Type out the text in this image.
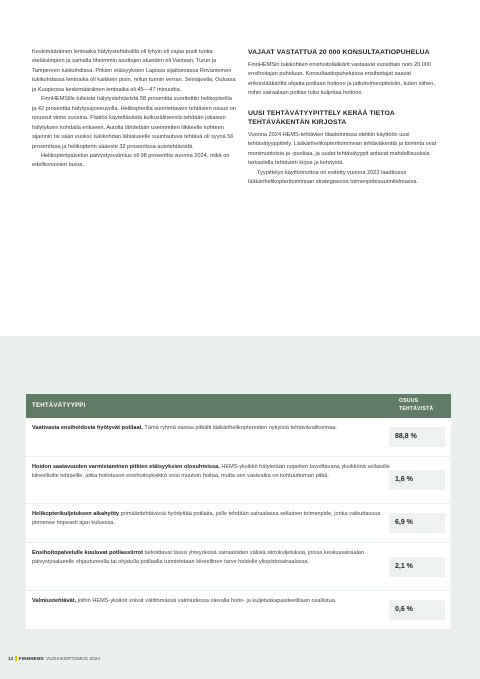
Keskimääräinen lentoaika hälytystehtävällä oli lyhyin eli vajaa puoli tuntia eteläisimpien ja samalla tiheimmin asuttujen alueiden eli Vantaan, Turun ja Tampereen tukikohdissa. Pitkien etäisyyksien Lapissa sijaitsevassa Rovaniemen tukikohdassa lentoaika oli kaikkein pisin, reilun tunnin verran. Seinäjoella, Oulussa ja Kuopiossa keskimääräinen lentoaika oli 45—47 minuuttia.

FinnHEMSille tulleista hälytystehtävistä 58 prosenttia suoritettiin helikopterilla ja 42 prosenttia hälytysajoneuvolla. Helikopterilla suoritettavien tehtävien osuus on noussut viime vuosina. Päätös käytettävästä kulkuvälineestä tehdään jokaisen hälytyksen kohdalla erikseen. Autolla lähdetään useimmiten liikkeelle kohteen sijainnin tai sään vuoksi: tukikohdan lähialueelle suuntautuva tehtävä oli syynä 56 prosentissa ja helikopterin sääeste 32 prosentissa autotehtävistä.

Helikopteripalvelun päivystysvalmius oli 98 prosenttia vuonna 2024, mikä on edellisvuosien tasoa.

VAJAAT VASTATTUA 20 000 KONSULTAATIOPUHELUA

FinnHEMSin tukikohtien ensihoitolääkärit vastaavat vuosittain noin 20 000 ensihoitajan puheluun. Konsultaatiopuheluissa ensihoitajat saavat erikoislääkäriltä ohjeita potilaan hoitoon ja jatkotoimenpiteisiin, kuten siihen, mihin sairaalaan potilas tulisi kuljettaa hoitoon.

UUSI TEHTÄVÄTYYPITTELY KERÄÄ TIETOA TEHTÄVÄKENTÄN KIRJOSTA

Vuonna 2024 HEMS-tehtävien tilastoinnissa otettiin käyttöön uusi tehtävätyyppittely. Lääkärihelikopteritoiminnan tehtäväkenttä ja toiminta ovat monimuotoisia ja -puolisia, ja uudet tehtävätyypit antavat mahdollisuuksia tarkastella tehtävien kirjoa ja kehitystä.

Tyypittelyn käyttöönottoa on esitetty vuonna 2023 laaditussa lääkärihelikopteritoiminnan strategisessa toimenpidesuunnitelmassa.

TEHTÄVÄTYYPPI
OSUUS TEHTÄVISTÄ
Vaativasta ensihoidosta hyötyvät potilaat. Tämä ryhmä vastaa pitkälti lääkärihelikoptereiden nykyistä tehtävävalikoimaa.
88,8 %
Hoidon saatavuuden varmistaminen pitkien etäisyyksien olosuhteissa. HEMS-yksikkö hälytetään nopeiten tavoittavana yksikkönä sellaisille kiireellisille tehtäville, jotka hoitotason ensihoitoyksikkö voisi muutoin hoitaa, mutta sen vasteaika on kohtuuttoman pitkä.	1,6 %
Helikopterikuljetuksen aikahyöty primääritehtävissä hyödyttää potilaita, joille tehdään sairaalassa sellainen toimenpide, jonka vaikuttavuus pienenee nopeasti ajan kuluessa.	6,9 %
Ensihoitopalvelulle kuuluvat potilassiirrot tarkoittavat tässä yhteydessä sairaaloiden välisiä siirtokuljetuksia, joissa keskussairaalan päivystysalueelle ohjautuneella tai ohjatulla potilaalla tunnistetaan kiireellinen tarve hoidolle yliopistosairaalassa.
2,1 %
Valmiustehtävät, joihin HEMS-yksiköt voivat välittömässä valmiudessa olevalla hoito- ja kuljetuskapasiteetillaan osallistua.
0,6 %
12 FINNHEMS VUOSIKERTOMUS 2024
